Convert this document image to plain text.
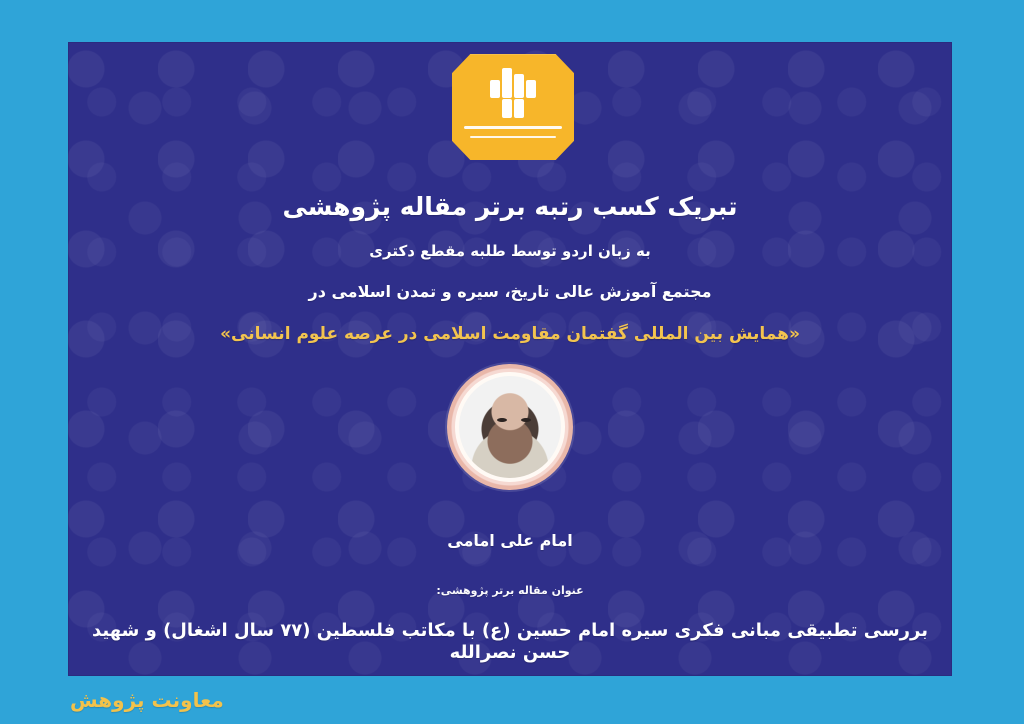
تبریک کسب رتبه برتر مقاله پژوهشی
به زبان اردو توسط طلبه مقطع دکتری
مجتمع آموزش عالی تاریخ، سیره و تمدن اسلامی در
«همایش بین المللی گفتمان مقاومت اسلامی در عرصه علوم انسانی»
امام علی امامی
عنوان مقاله برتر پژوهشی:
بررسی تطبیقی مبانی فکری سیره امام حسین (ع) با مکاتب فلسطین (۷۷ سال اشغال) و شهید حسن نصرالله
معاونت پژوهش
